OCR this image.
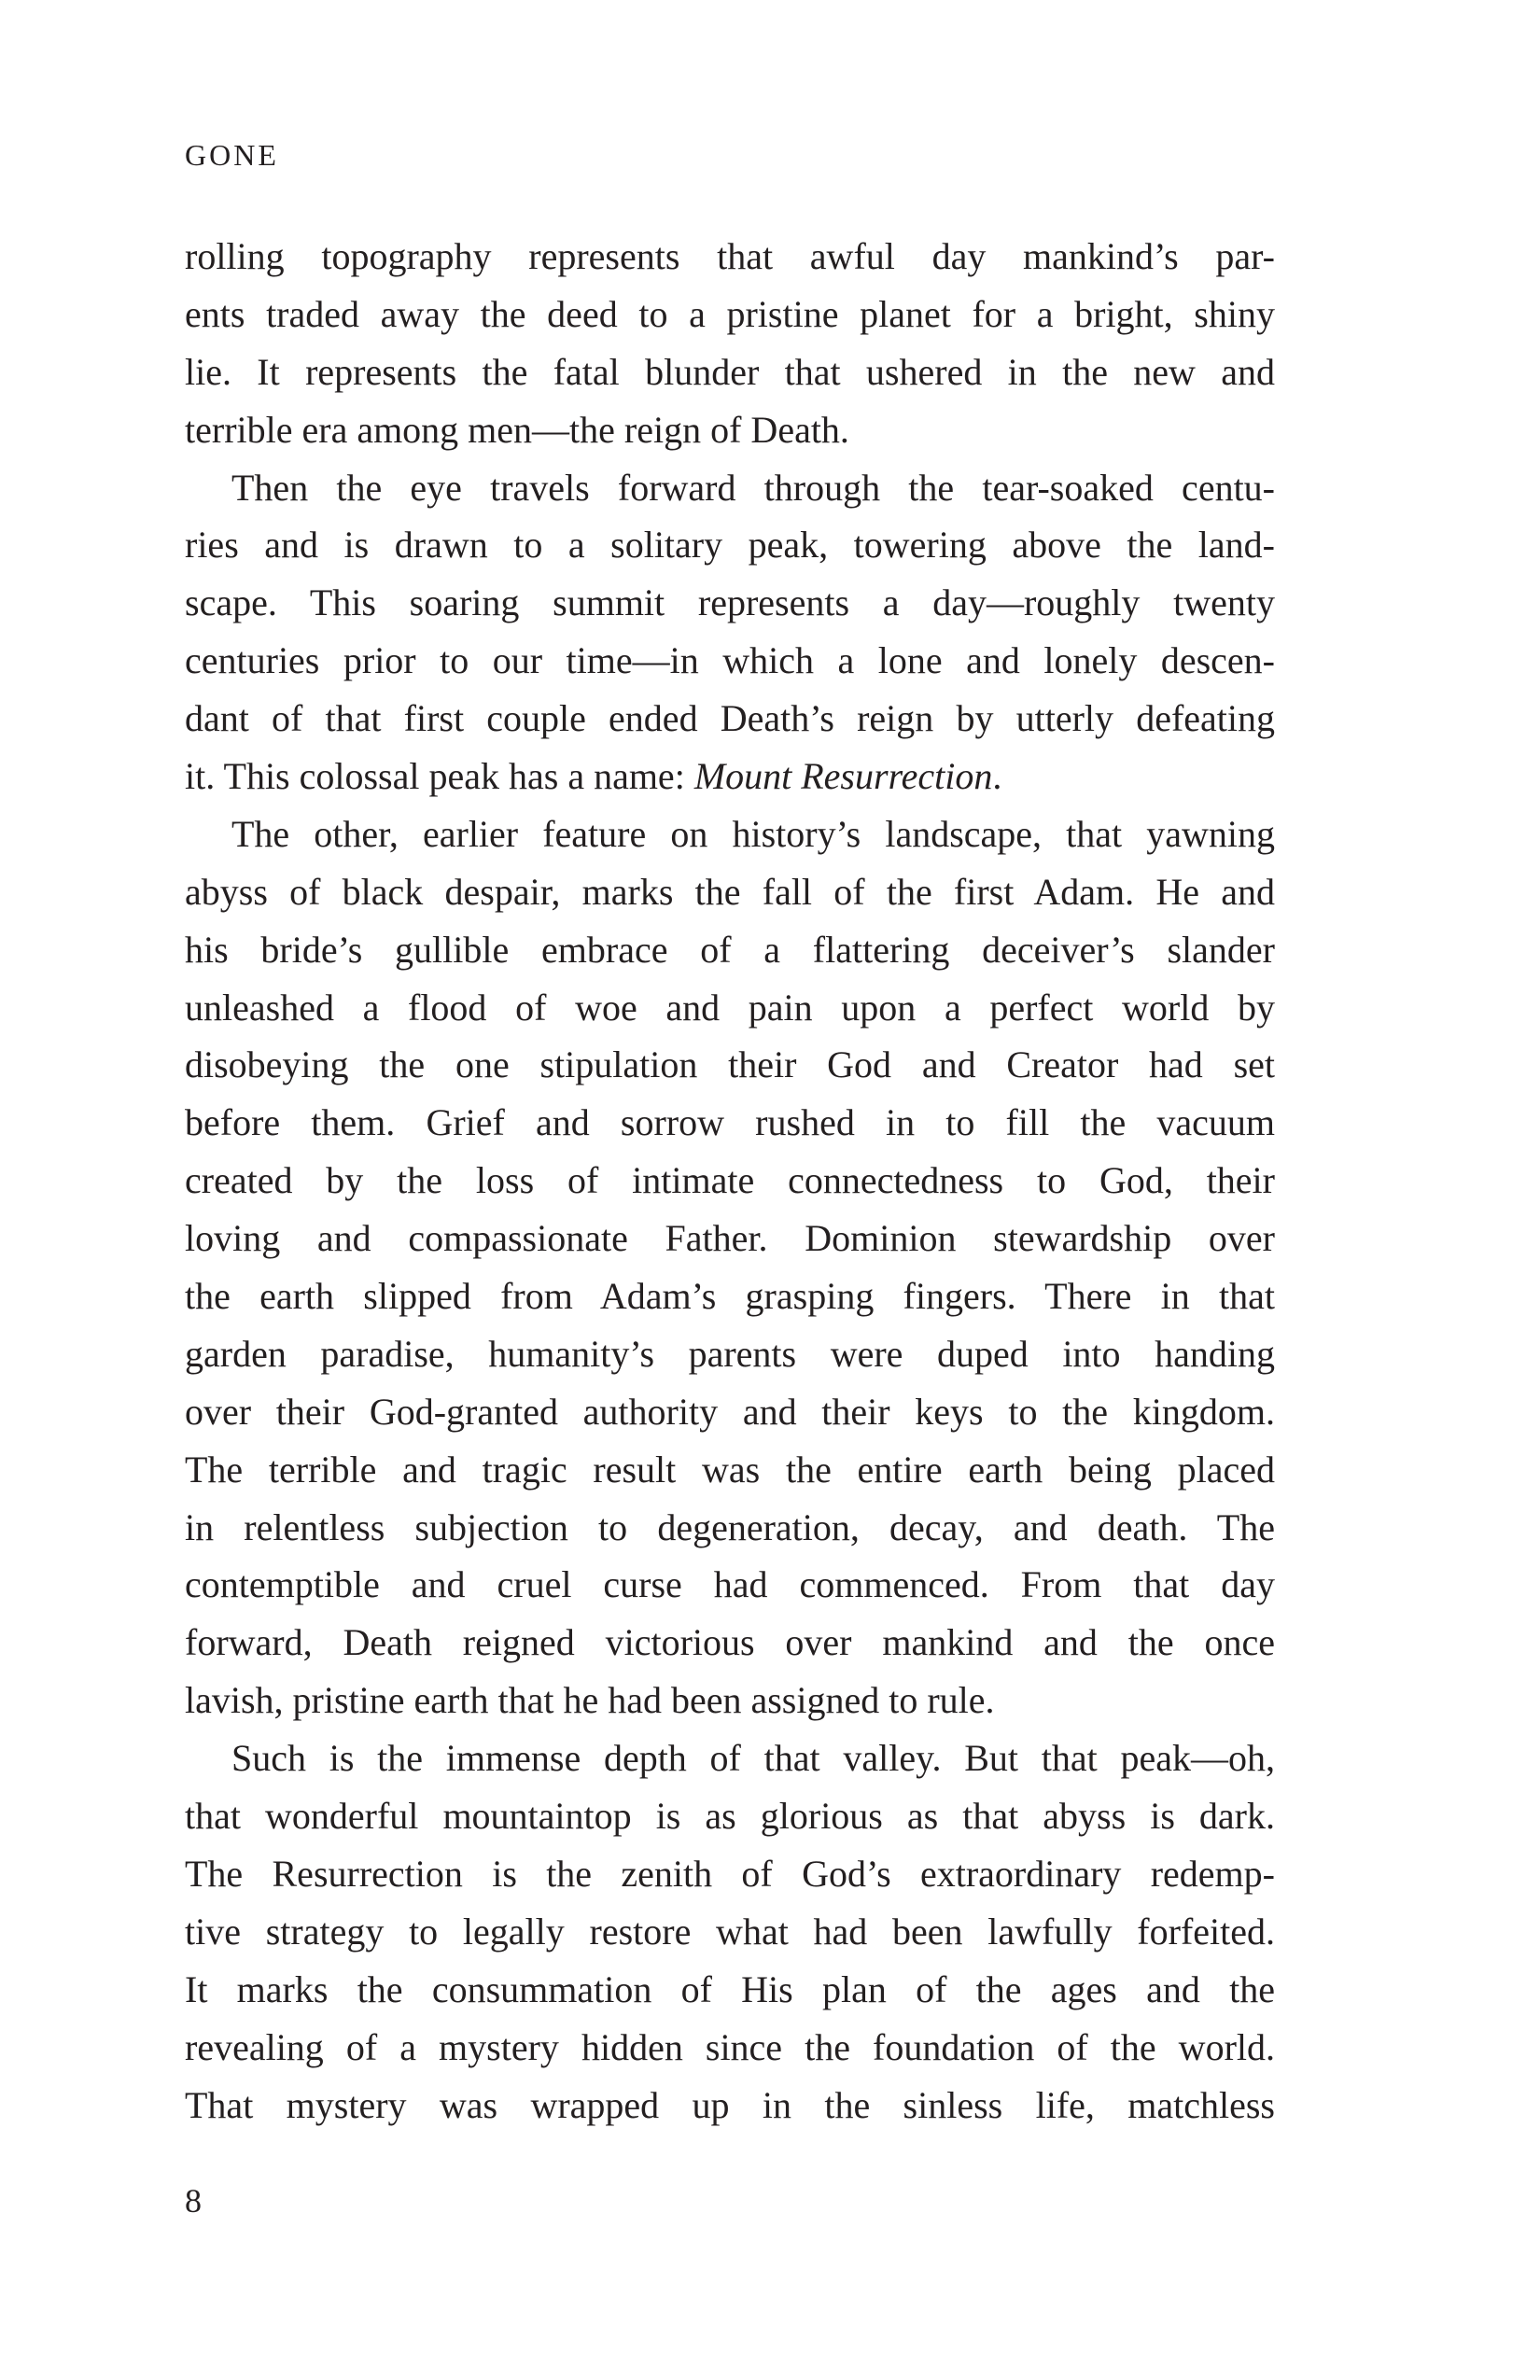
GONE
rolling topography represents that awful day mankind’s par-
ents traded away the deed to a pristine planet for a bright, shiny
lie. It represents the fatal blunder that ushered in the new and
terrible era among men—the reign of Death.
Then the eye travels forward through the tear-soaked centu-
ries and is drawn to a solitary peak, towering above the land-
scape. This soaring summit represents a day—roughly twenty
centuries prior to our time—in which a lone and lonely descen-
dant of that first couple ended Death’s reign by utterly defeating
it. This colossal peak has a name: Mount Resurrection.
The other, earlier feature on history’s landscape, that yawning
abyss of black despair, marks the fall of the first Adam. He and
his bride’s gullible embrace of a flattering deceiver’s slander
unleashed a flood of woe and pain upon a perfect world by
disobeying the one stipulation their God and Creator had set
before them. Grief and sorrow rushed in to fill the vacuum
created by the loss of intimate connectedness to God, their
loving and compassionate Father. Dominion stewardship over
the earth slipped from Adam’s grasping fingers. There in that
garden paradise, humanity’s parents were duped into handing
over their God-granted authority and their keys to the kingdom.
The terrible and tragic result was the entire earth being placed
in relentless subjection to degeneration, decay, and death. The
contemptible and cruel curse had commenced. From that day
forward, Death reigned victorious over mankind and the once
lavish, pristine earth that he had been assigned to rule.
Such is the immense depth of that valley. But that peak—oh,
that wonderful mountaintop is as glorious as that abyss is dark.
The Resurrection is the zenith of God’s extraordinary redemp-
tive strategy to legally restore what had been lawfully forfeited.
It marks the consummation of His plan of the ages and the
revealing of a mystery hidden since the foundation of the world.
That mystery was wrapped up in the sinless life, matchless

8
